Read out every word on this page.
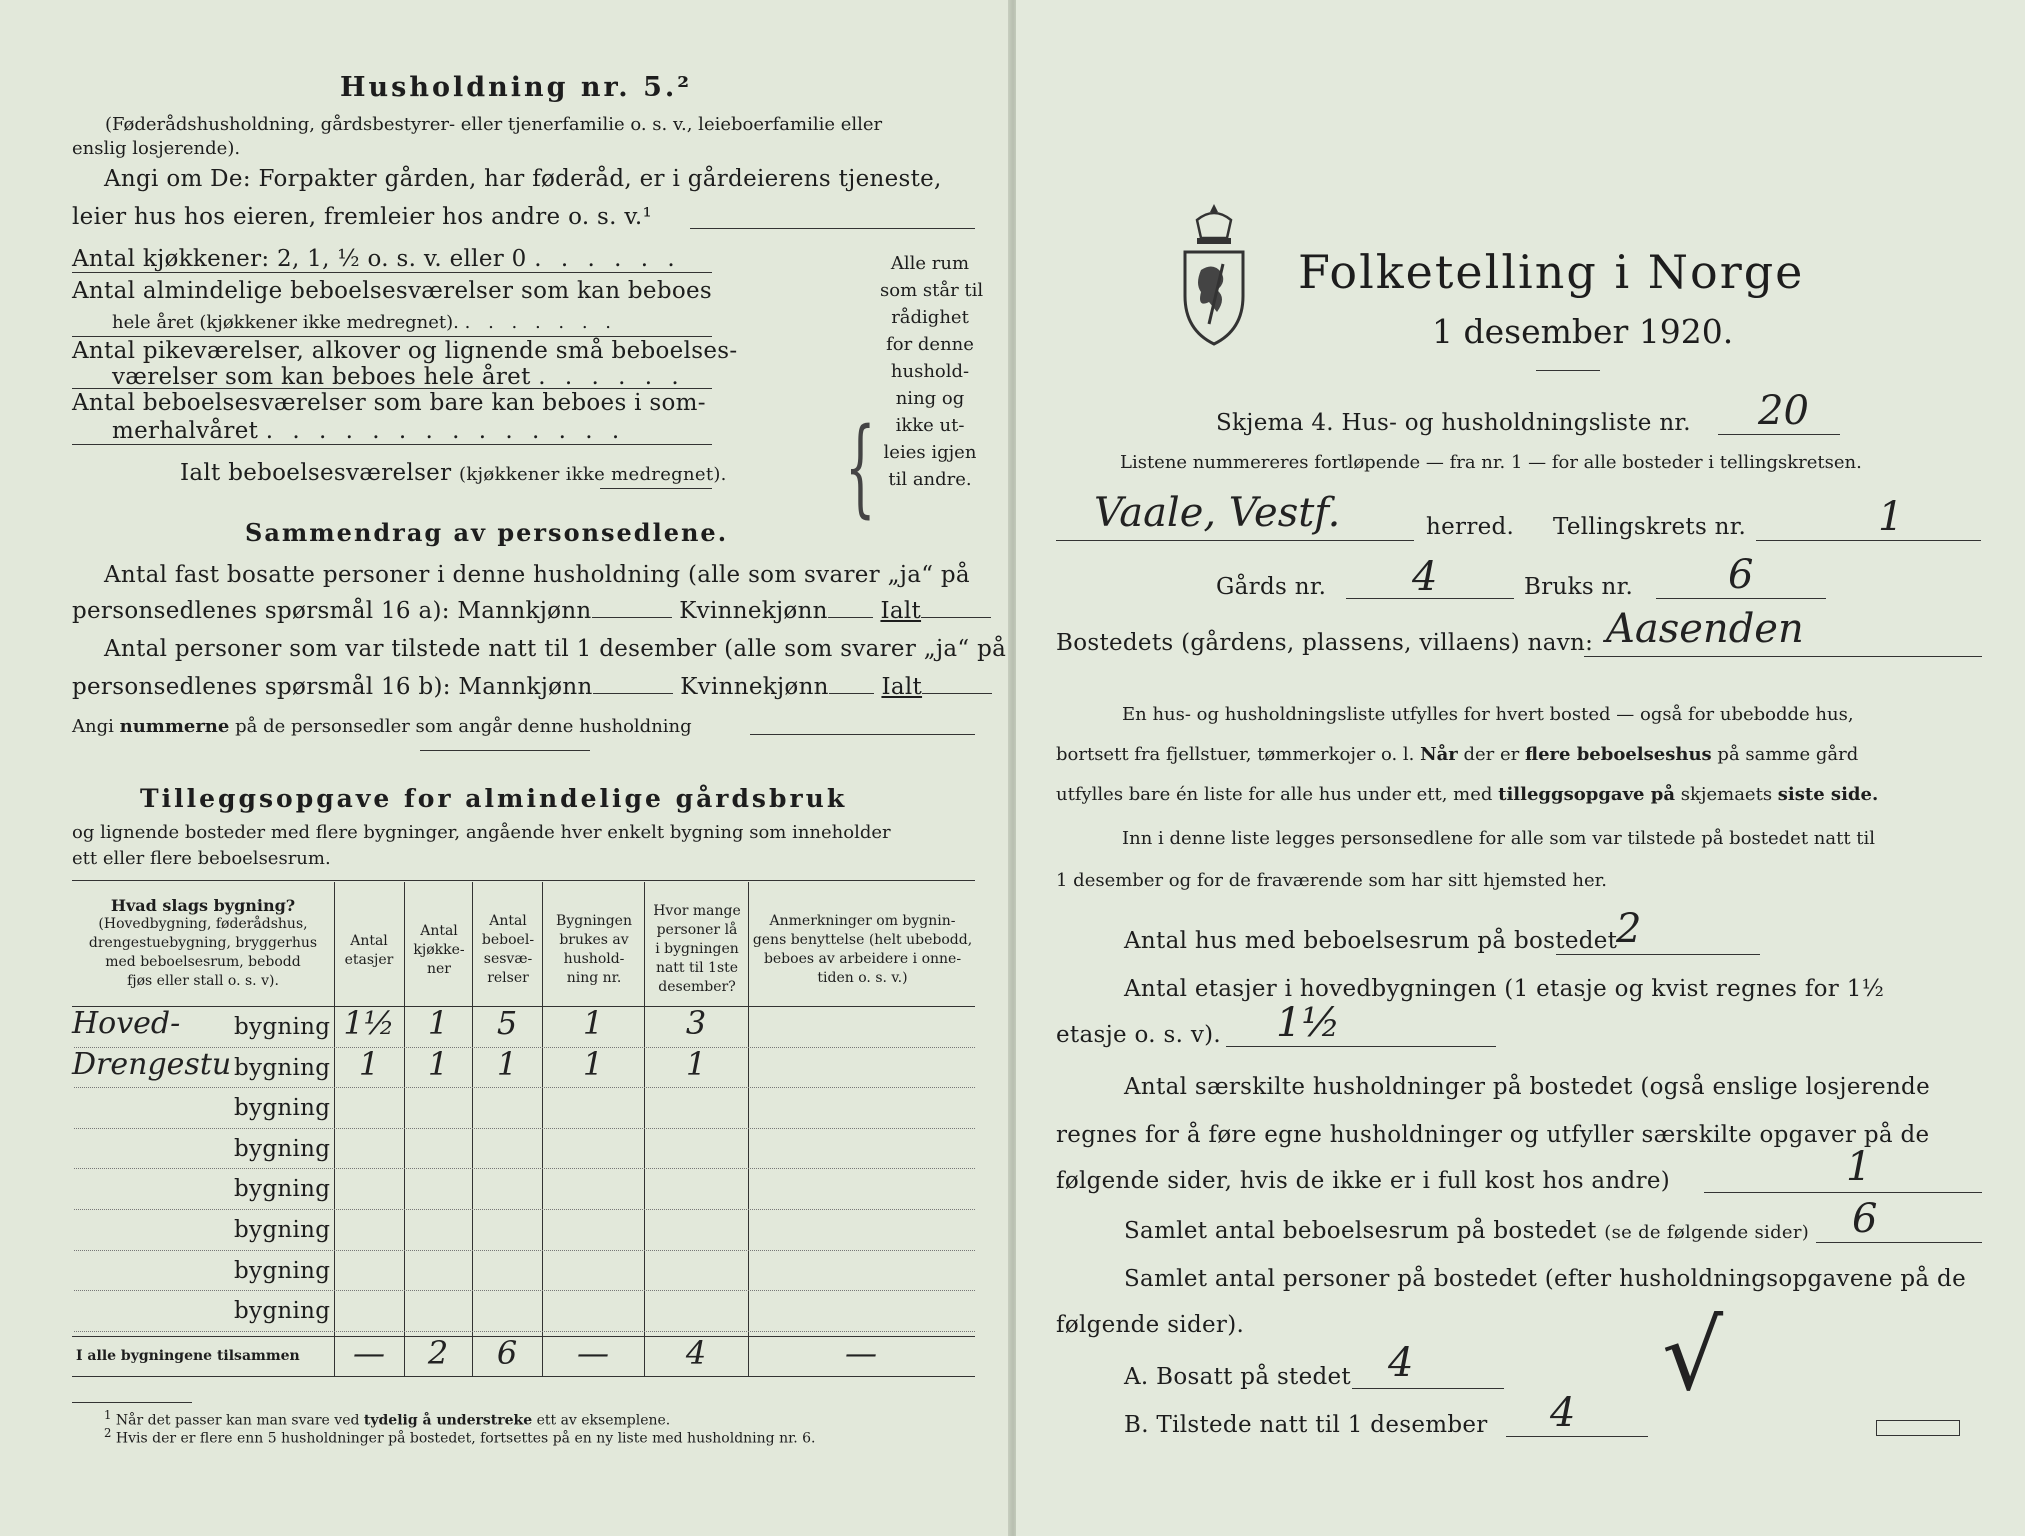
Husholdning nr. 5.²
(Føderådshusholdning, gårdsbestyrer- eller tjenerfamilie o. s. v., leieboerfamilie eller
enslig losjerende).
Angi om De: Forpakter gården, har føderåd, er i gårdeierens tjeneste,
leier hus hos eieren, fremleier hos andre o. s. v.¹
Antal kjøkkener: 2, 1, ½ o. s. v. eller 0 . . . . . .
Antal almindelige beboelsesværelser som kan beboes
hele året (kjøkkener ikke medregnet). . . . . . . .
Antal pikeværelser, alkover og lignende små beboelses-
værelser som kan beboes hele året . . . . . .
Antal beboelsesværelser som bare kan beboes i som-
merhalvåret . . . . . . . . . . . . . .
Ialt beboelsesværelser (kjøkkener ikke medregnet). {
Alle rum
som står til
rådighet
for denne
hushold-
ning og
ikke ut-
leies igjen
til andre.
Sammendrag av personsedlene.
Antal fast bosatte personer i denne husholdning (alle som svarer „ja“ på
personsedlenes spørsmål 16 a): Mannkjønn	Kvinnekjønn Ialt
Antal personer som var tilstede natt til 1 desember (alle som svarer „ja“ på
personsedlenes spørsmål 16 b): Mannkjønn	Kvinnekjønn Ialt
Angi nummerne på de personsedler som angår denne husholdning
Tilleggsopgave for almindelige gårdsbruk
og lignende bosteder med flere bygninger, angående hver enkelt bygning som inneholder
ett eller flere beboelsesrum.
Hvad slags bygning?
(Hovedbygning, føderådshus,
drengestuebygning, bryggerhus
med beboelsesrum, bebodd
fjøs eller stall o. s. v).
Antal
etasjer
Antal
kjøkke-
ner
Antal
beboel-
sesvæ-
relser
Bygningen
brukes av
hushold-
ning nr.
Hvor mange
personer lå
i bygningen
natt til 1ste
desember?
Anmerkninger om bygnin-
gens benyttelse (helt ubebodd,
beboes av arbeidere i onne-
tiden o. s. v.)
Hoved- bygning 1½	1	5	1	3
Drengestu bygning 1	1	1	1	1
bygning
bygning
bygning
bygning
bygning
bygning
I alle bygningene tilsammen	—	2	6	—	4	—
$^1$ Når det passer kan man svare ved tydelig å understreke ett av eksemplene.
$^2$ Hvis der er flere enn 5 husholdninger på bostedet, fortsettes på en ny liste med husholdning nr. 6.
Folketelling i Norge
1 desember 1920.
Skjema 4. Hus- og husholdningsliste nr. 20
Listene nummereres fortløpende — fra nr. 1 — for alle bosteder i tellingskretsen.
Vaale, Vestf.	herred. Tellingskrets nr.	1
Gårds nr. 4	Bruks nr. 6
Bostedets (gårdens, plassens, villaens) navn: Aasenden
En hus- og husholdningsliste utfylles for hvert bosted — også for ubebodde hus,
bortsett fra fjellstuer, tømmerkojer o. l. Når der er flere beboelseshus på samme gård
utfylles bare én liste for alle hus under ett, med tilleggsopgave på skjemaets siste side.
Inn i denne liste legges personsedlene for alle som var tilstede på bostedet natt til
1 desember og for de fraværende som har sitt hjemsted her.
Antal hus med beboelsesrum på bostedet
2
Antal etasjer i hovedbygningen (1 etasje og kvist regnes for 1½
etasje o. s. v). 1½
Antal særskilte husholdninger på bostedet (også enslige losjerende
regnes for å føre egne husholdninger og utfyller særskilte opgaver på de
følgende sider, hvis de ikke er i full kost hos andre)	1
Samlet antal beboelsesrum på bostedet (se de følgende sider) 6
Samlet antal personer på bostedet (efter husholdningsopgavene på de
følgende sider).
A. Bosatt på stedet 4
B. Tilstede natt til 1 desember 4
√
